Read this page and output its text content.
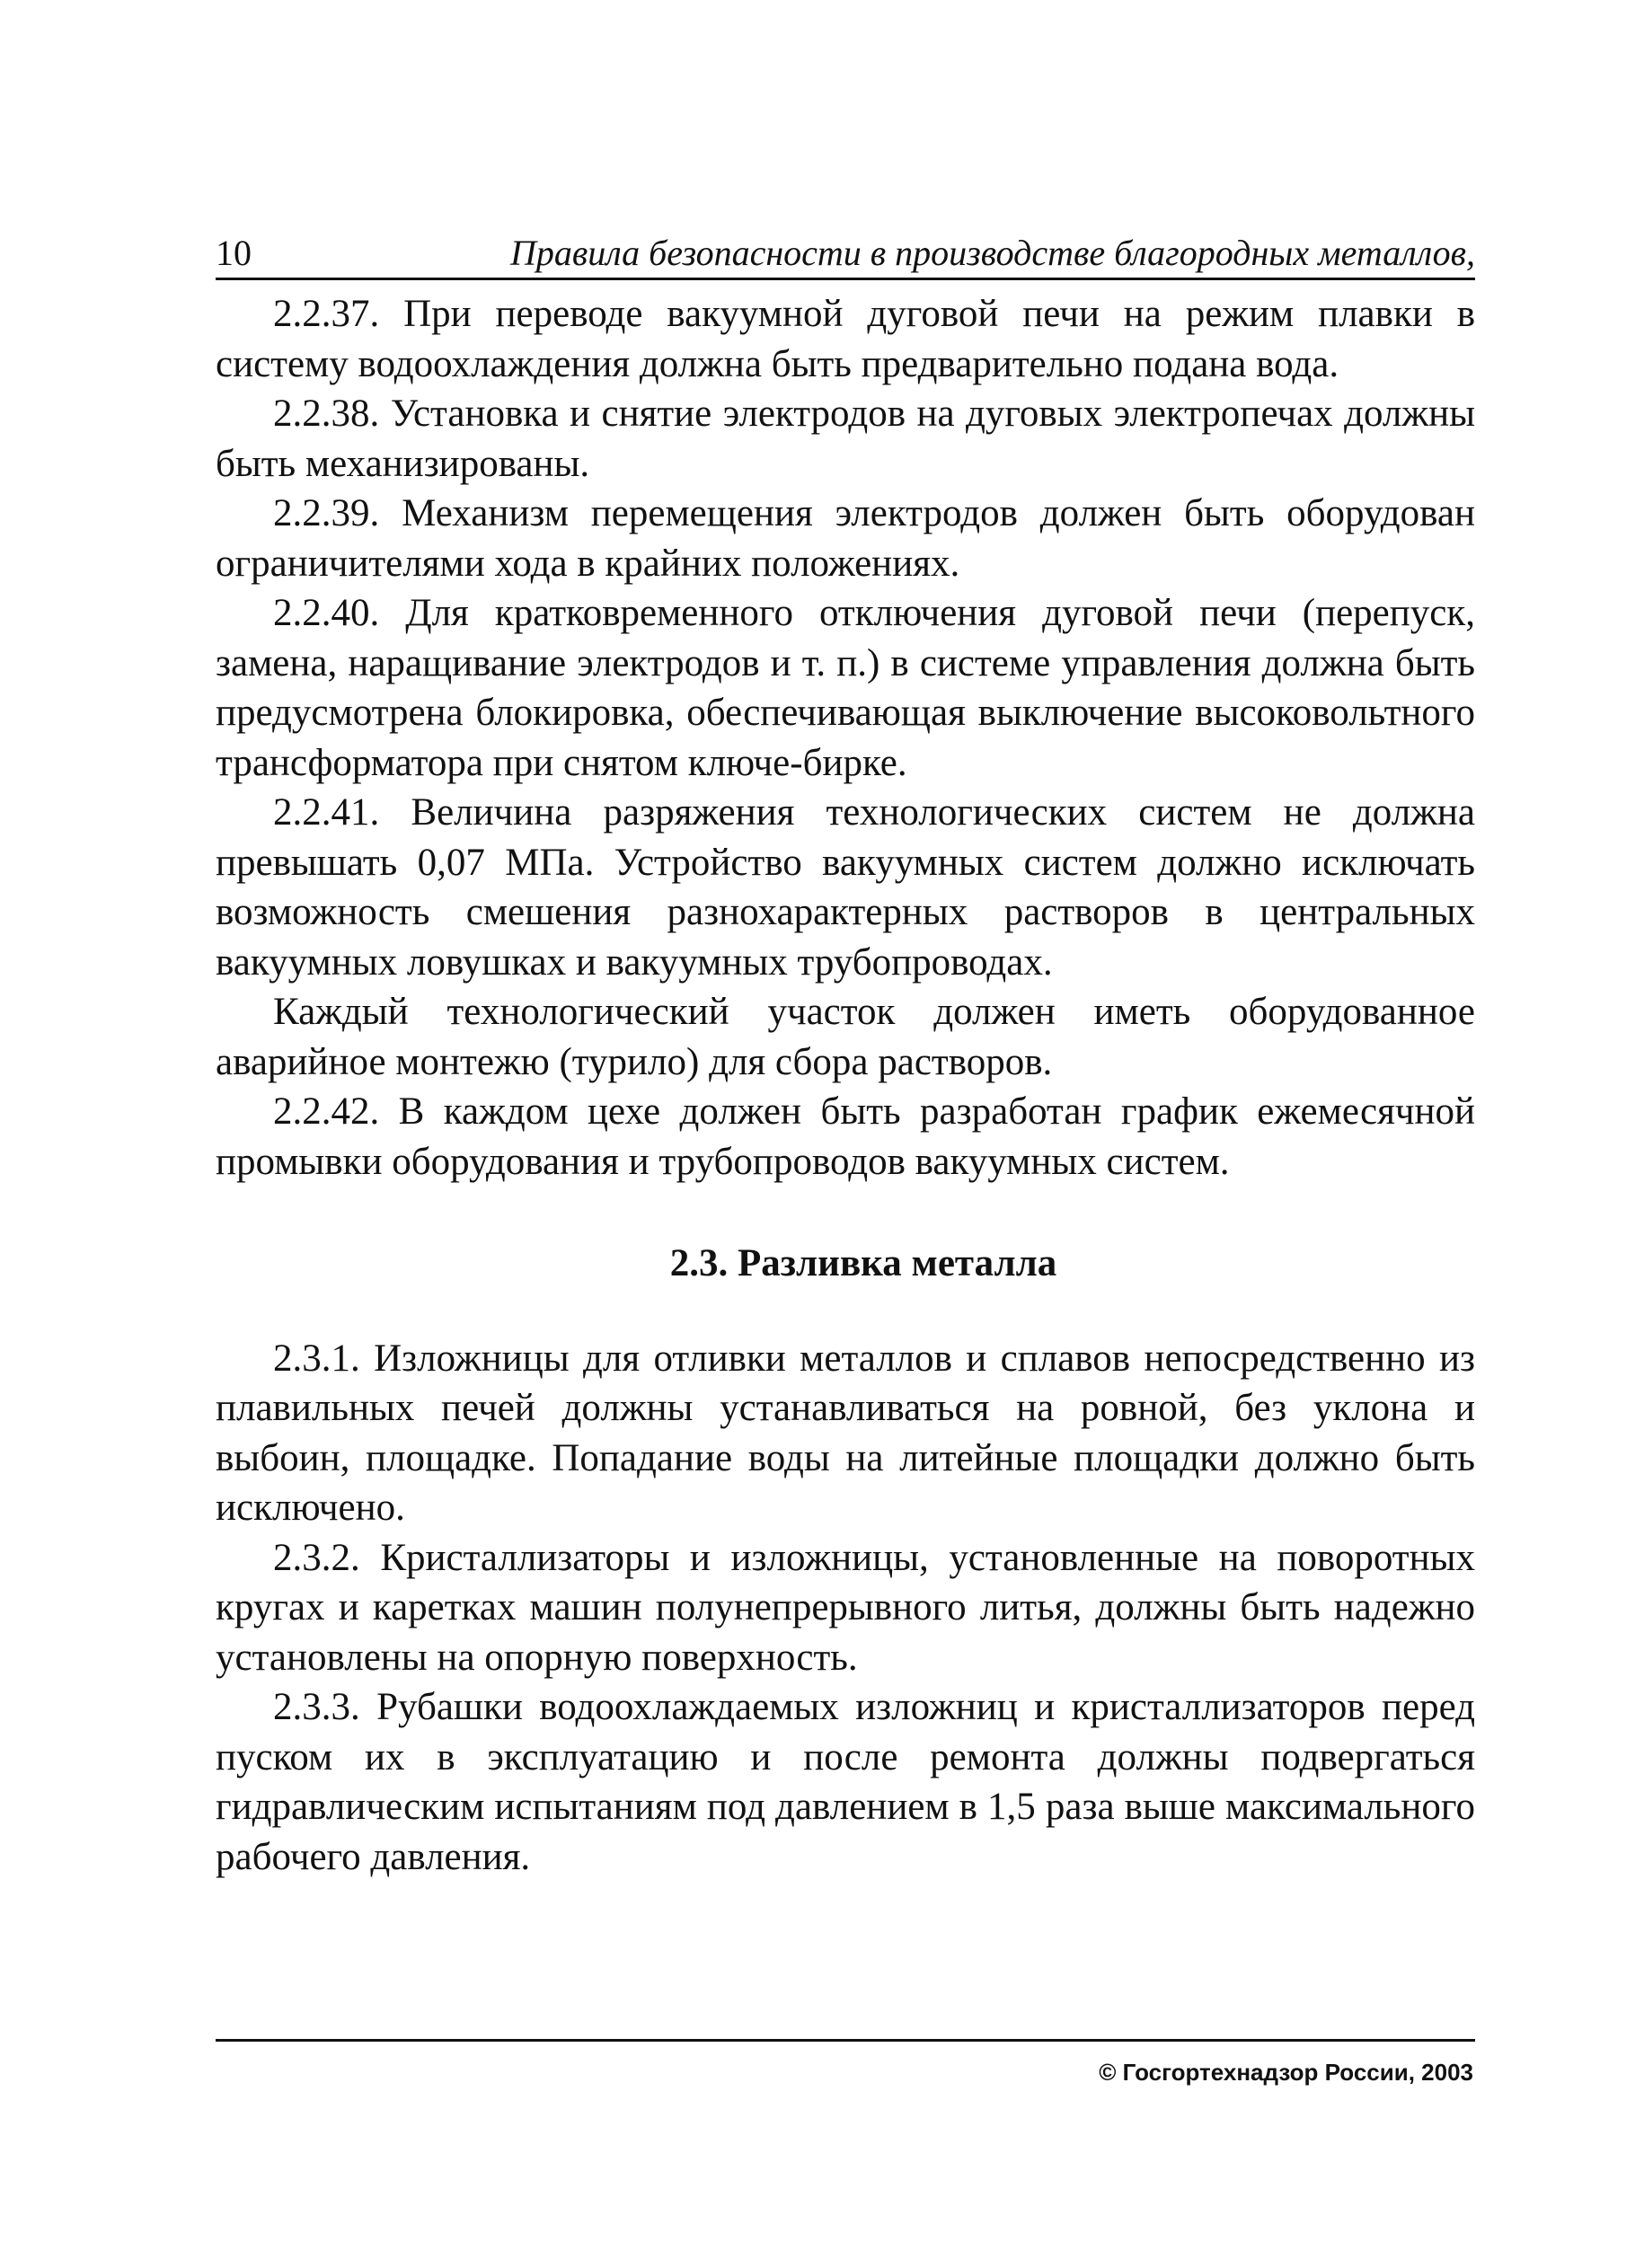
10	Правила безопасности в производстве благородных металлов,

2.2.37. При переводе вакуумной дуговой печи на режим плавки в систему водоохлаждения должна быть предварительно подана вода.

2.2.38. Установка и снятие электродов на дуговых электропечах должны быть механизированы.

2.2.39. Механизм перемещения электродов должен быть оборудован ограничителями хода в крайних положениях.

2.2.40. Для кратковременного отключения дуговой печи (перепуск, замена, наращивание электродов и т. п.) в системе управления должна быть предусмотрена блокировка, обеспечивающая выключение высоковольтного трансформатора при снятом ключе-бирке.

2.2.41. Величина разряжения технологических систем не должна превышать 0,07 МПа. Устройство вакуумных систем должно исключать возможность смешения разнохарактерных растворов в центральных вакуумных ловушках и вакуумных трубопроводах.

Каждый технологический участок должен иметь оборудованное аварийное монтежю (турило) для сбора растворов.

2.2.42. В каждом цехе должен быть разработан график ежемесячной промывки оборудования и трубопроводов вакуумных систем.

2.3. Разливка металла

2.3.1. Изложницы для отливки металлов и сплавов непосредственно из плавильных печей должны устанавливаться на ровной, без уклона и выбоин, площадке. Попадание воды на литейные площадки должно быть исключено.

2.3.2. Кристаллизаторы и изложницы, установленные на поворотных кругах и каретках машин полунепрерывного литья, должны быть надежно установлены на опорную поверхность.

2.3.3. Рубашки водоохлаждаемых изложниц и кристаллизаторов перед пуском их в эксплуатацию и после ремонта должны подвергаться гидравлическим испытаниям под давлением в 1,5 раза выше максимального рабочего давления.

© Госгортехнадзор России, 2003
